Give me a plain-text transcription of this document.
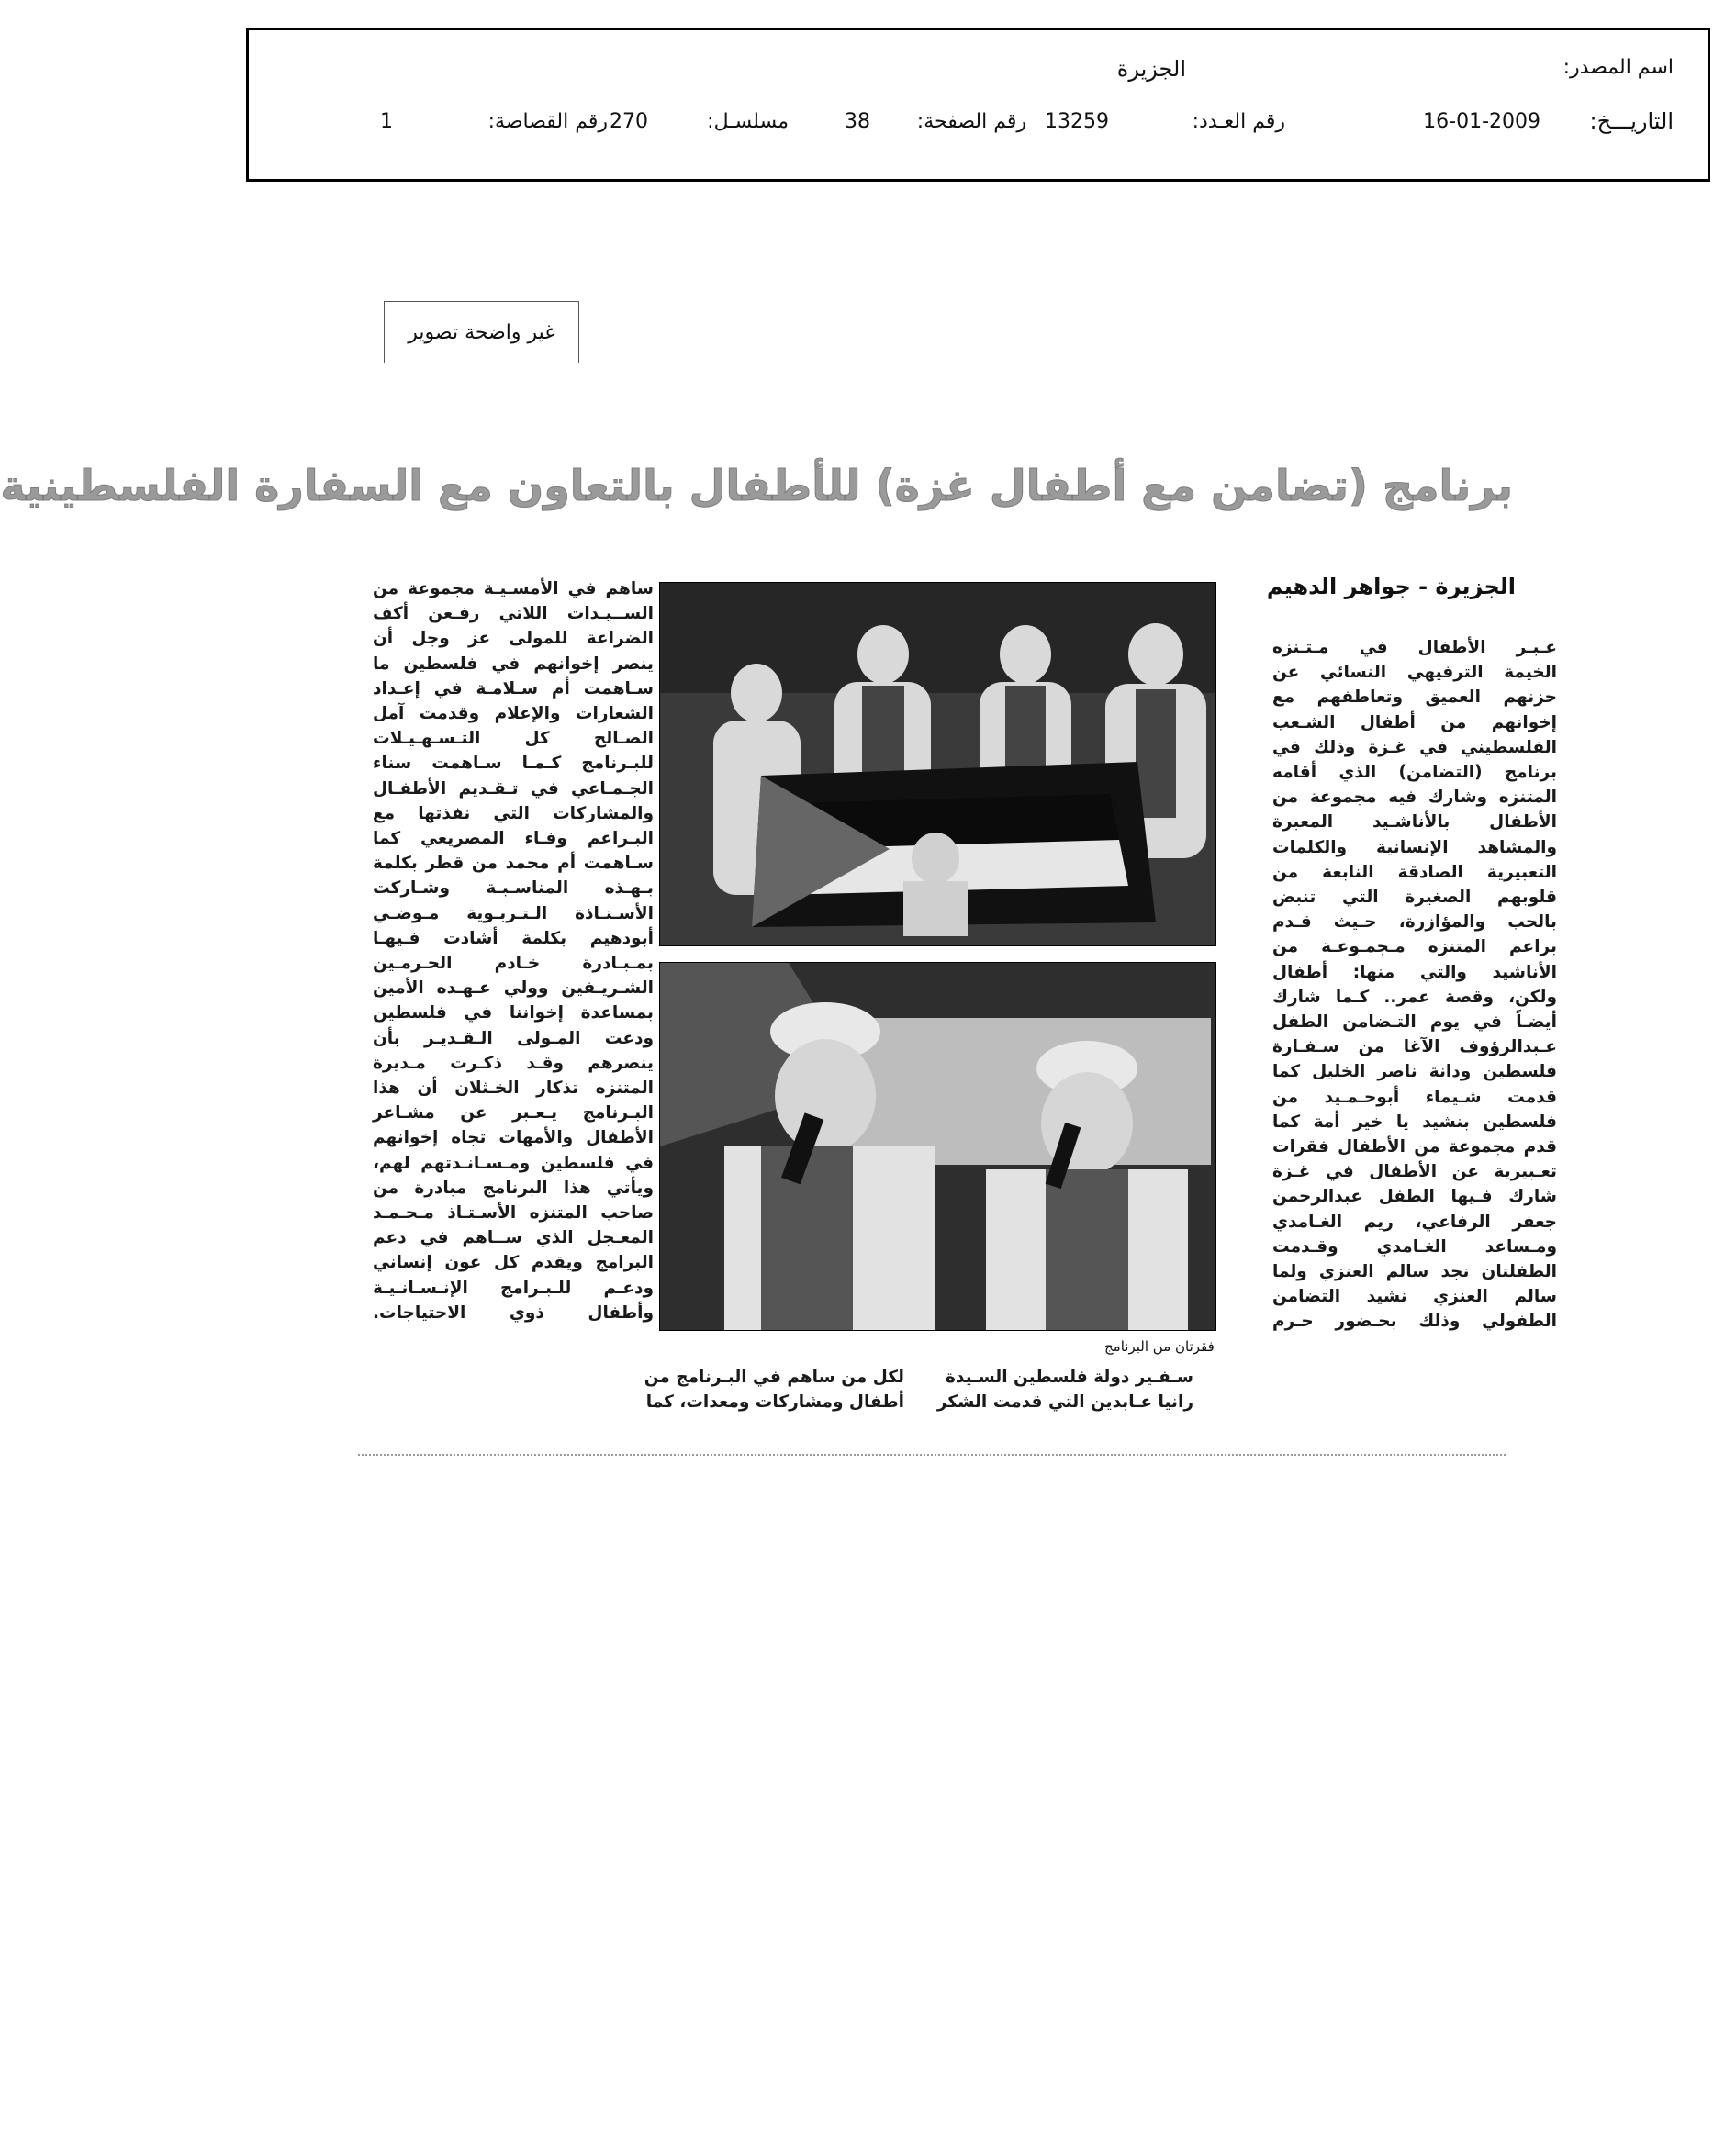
اسم المصدر:
الجزيرة
التاريـــخ:
16-01-2009
رقم العـدد:
13259
رقم الصفحة:
38
مسلسـل:
270
رقم القصاصة:
1
غير واضحة تصوير
برنامج (تضامن مع أطفال غزة) للأطفال بالتعاون مع السفارة الفلسطينية
الجزيرة - جواهر الدهيم

عـبـر الأطفال في مـتـنزه

الخيمة الترفيهي النسائي عن

حزنهم العميق وتعاطفهم مع

إخوانهم من أطفال الشـعب

الفلسطيني في غـزة وذلك في

برنامج (التضامن) الذي أقامه

المتنزه وشارك فيه مجموعة من

الأطفال بالأناشـيد المعبرة

والمشاهد الإنسانية والكلمات

التعبيرية الصادقة النابعة من

قلوبهم الصغيرة التي تنبض

بالحب والمؤازرة، حـيث قـدم

براعم المتنزه مـجمـوعـة من

الأناشيد والتي منها: أطفال

ولكن، وقصة عمر.. كـما شارك

أيضـاً في يوم التـضامن الطفل

عـبدالرؤوف الآغا من سـفـارة

فلسطين ودانة ناصر الخليل كما

قدمت شـيماء أبوحـمـيد من

فلسطين بنشيد يا خير أمة كما

قدم مجموعة من الأطفال فقرات

تعـبيرية عن الأطفال في غـزة

شارك فـيها الطفل عبدالرحمن

جعفر الرفاعي، ريم الغـامدي

ومـساعد الغـامدي وقـدمت

الطفلتان نجد سالم العنزي ولما

سالم العنزي نشيد التضامن

الطفولي وذلك بحـضور حـرم

ساهم في الأمسـيـة مجموعة من

الســيـدات اللاتي رفـعن أكف

الضراعة للمولى عز وجل أن

ينصر إخوانهم في فلسطين ما

سـاهمت أم سـلامـة في إعـداد

الشعارات والإعلام وقدمت آمل

الصـالح كل التـسـهـيـلات

للبـرنامج كـمـا سـاهمت سناء

الجـمـاعي في تـقـديم الأطفـال

والمشاركات التي نفذتها مع

البـراعم وفـاء المصريعي كما

سـاهمت أم محمد من قطر بكلمة

بـهـذه المناسـبـة وشـاركت

الأسـتـاذة الـتـربـوية مـوضـي

أبودهيم بكلمة أشادت فـيهـا

بمـبـادرة خـادم الحـرمـين

الشـريـفين وولي عـهـده الأمين

بمساعدة إخواننا في فلسطين

ودعت المـولى الـقـديـر بأن

ينصرهم وقـد ذكـرت مـديرة

المتنزه تذكار الخـثلان أن هذا

البـرنامج يـعـبر عن مشـاعر

الأطفال والأمهات تجاه إخوانهم

في فلسطين ومـسـانـدتهم لهم،

ويأتي هذا البرنامج مبادرة من

صاحب المتنزه الأسـتـاذ مـحـمـد

المعـجل الذي ســاهم في دعم

البرامج ويقدم كل عون إنساني

ودعـم للـبـرامج الإنـسـانـيـة

وأطفال ذوي الاحتياجات.

فقرتان من البرنامج

سـفـير دولة فلسطين السـيدة

رانيا عـابدين التي قدمت الشكر

لكل من ساهم في البـرنامج من

أطفال ومشاركات ومعدات، كما
